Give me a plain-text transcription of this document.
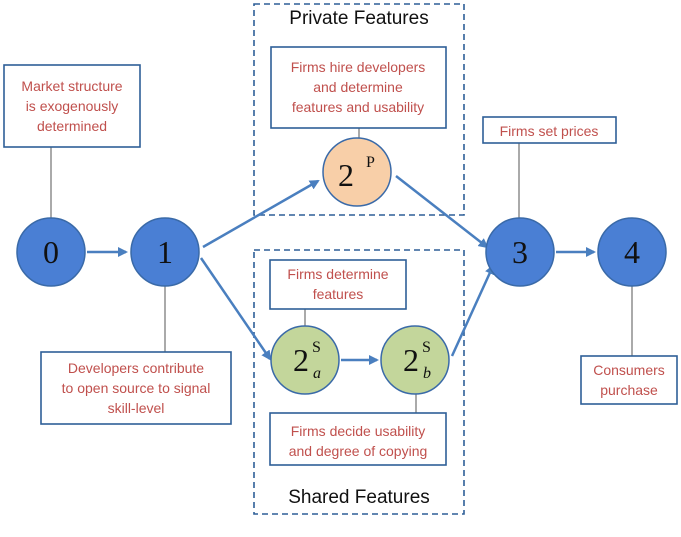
Private Features
Shared Features
Market structure
is exogenously
determined
Developers contribute
to open source to signal
skill-level
Firms hire developers
and determine
features and usability
Firms determine
features
Firms decide usability
and degree of copying
Firms set prices
Consumers
purchase
0	1
2 P
2 S
a	2 S
b
3	4
